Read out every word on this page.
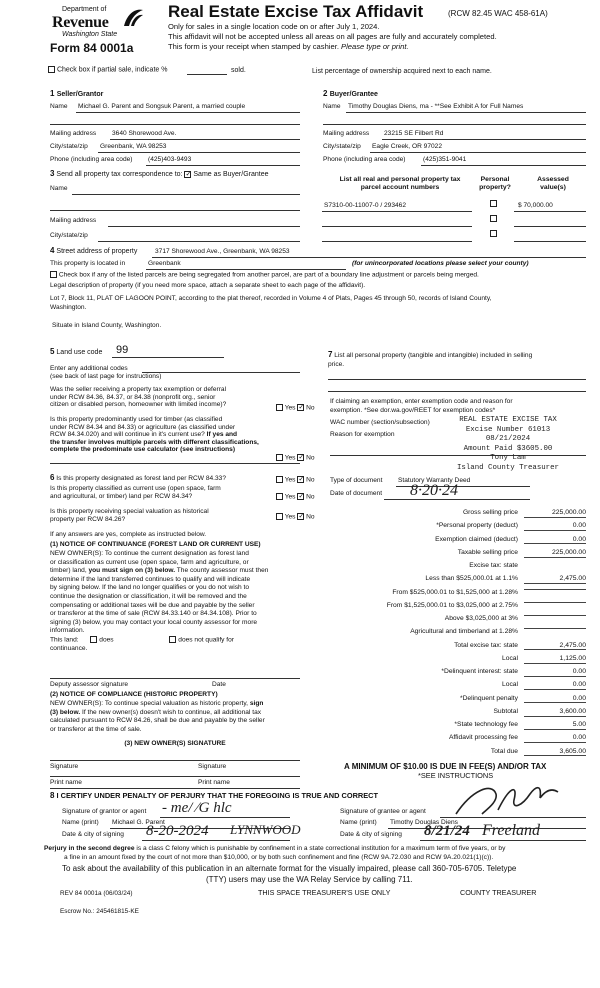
Department of
Revenue
Washington State
Form 84 0001a
Real Estate Excise Tax Affidavit	(RCW 82.45 WAC 458-61A)
Only for sales in a single location code on or after July 1, 2024.
This affidavit will not be accepted unless all areas on all pages are fully and accurately completed.
This form is your receipt when stamped by cashier. Please type or print.
Check box if partial sale, indicate %	sold.	List percentage of ownership acquired next to each name.
1 Seller/Grantor
Name Michael G. Parent and Songsuk Parent, a married couple
Mailing address 3640 Shorewood Ave.
City/state/zip Greenbank, WA 98253
Phone (including area code) (425)403-9493
2 Buyer/Grantee
Name Timothy Douglas Diens, ma - **See Exhibit A for Full Names
Mailing address 23215 SE Filbert Rd
City/state/zip Eagle Creek, OR 97022
Phone (including area code)	(425)351-9041
3 Send all property tax correspondence to: ✓ Same as Buyer/Grantee
Name
Mailing address
City/state/zip
List all real and personal property tax
parcel account numbers
Personal
property?
Assessed
value(s)
S7310-00-11007-0 / 293462	$ 70,000.00
4 Street address of property	3717 Shorewood Ave., Greenbank, WA 98253
This property is located in	Greenbank	(for unincorporated locations please select your county)
Check box if any of the listed parcels are being segregated from another parcel, are part of a boundary line adjustment or parcels being merged.
Legal description of property (if you need more space, attach a separate sheet to each page of the affidavit).
Lot 7, Block 11, PLAT OF LAGOON POINT, according to the plat thereof, recorded in Volume 4 of Plats, Pages 45 through 50, records of Island County,
Washington.
Situate in Island County, Washington.
5 Land use code 99
Enter any additional codes
(see back of last page for instructions)
Was the seller receiving a property tax exemption or deferral
under RCW 84.36, 84.37, or 84.38 (nonprofit org., senior
citizen or disabled person, homeowner with limited income)?	Yes ✓ No
Is this property predominantly used for timber (as classified
under RCW 84.34 and 84.33) or agriculture (as classified under
RCW 84.34.020) and will continue in it's current use? If yes and
the transfer involves multiple parcels with different classifications,
complete the predominate use calculator (see instructions)
Yes ✓ No
6 Is this property designated as forest land per RCW 84.33?	Yes ✓ No
Is this property classified as current use (open space, farm
and agricultural, or timber) land per RCW 84.34?	Yes ✓ No
Is this property receiving special valuation as historical
property per RCW 84.26?	Yes ✓ No
If any answers are yes, complete as instructed below.
(1) NOTICE OF CONTINUANCE (FOREST LAND OR CURRENT USE)
NEW OWNER(S): To continue the current designation as forest land
or classification as current use (open space, farm and agriculture, or
timber) land, you must sign on (3) below. The county assessor must then
determine if the land transferred continues to qualify and will indicate
by signing below. If the land no longer qualifies or you do not wish to
continue the designation or classification, it will be removed and the
compensating or additional taxes will be due and payable by the seller
or transferor at the time of sale (RCW 84.33.140 or 84.34.108). Prior to
signing (3) below, you may contact your local county assessor for more
information.
This land:	does	does not qualify for
continuance.
Deputy assessor signature	Date
(2) NOTICE OF COMPLIANCE (HISTORIC PROPERTY)
NEW OWNER(S): To continue special valuation as historic property, sign
(3) below. If the new owner(s) doesn't wish to continue, all additional tax
calculated pursuant to RCW 84.26, shall be due and payable by the seller
or transferor at the time of sale.
(3) NEW OWNER(S) SIGNATURE
Signature	Signature
Print name	Print name
7 List all personal property (tangible and intangible) included in selling
price.
If claiming an exemption, enter exemption code and reason for
exemption. *See dor.wa.gov/REET for exemption codes*
WAC number (section/subsection)
Reason for exemption
REAL ESTATE EXCISE TAX
Excise Number 61013
08/21/2024
Amount Paid $3605.00
Tony Lam
Island County Treasurer
Type of document Statutory Warranty Deed
Date of document 8·20·24
Gross selling price	225,000.00
*Personal property (deduct)	0.00
Exemption claimed (deduct)	0.00
Taxable selling price	225,000.00
Excise tax: state
Less than $525,000.01 at 1.1%	2,475.00
From $525,000.01 to $1,525,000 at 1.28%
From $1,525,000.01 to $3,025,000 at 2.75%
Above $3,025,000 at 3%
Agricultural and timberland at 1.28%
Total excise tax: state	2,475.00
Local	1,125.00
*Delinquent interest: state	0.00
Local	0.00
*Delinquent penalty	0.00
Subtotal	3,600.00
*State technology fee	5.00
Affidavit processing fee	0.00
Total due	3,605.00
A MINIMUM OF $10.00 IS DUE IN FEE(S) AND/OR TAX
*SEE INSTRUCTIONS
8 I CERTIFY UNDER PENALTY OF PERJURY THAT THE FOREGOING IS TRUE AND CORRECT
Signature of grantor or agent - me/ ⁄G hlc
Name (print) Michael G. Parent
Date & city of signing 8-20-2024 LYNNWOOD
Signature of grantee or agent
Name (print) Timothy Douglas Diens
Date & city of signing 8/21/24 Freeland
Perjury in the second degree is a class C felony which is punishable by confinement in a state correctional institution for a maximum term of five years, or by
a fine in an amount fixed by the court of not more than $10,000, or by both such confinement and fine (RCW 9A.72.030 and RCW 9A.20.021(1)(c)).
To ask about the availability of this publication in an alternate format for the visually impaired, please call 360-705-6705. Teletype
(TTY) users may use the WA Relay Service by calling 711.
REV 84 0001a (06/03/24)	THIS SPACE TREASURER'S USE ONLY	COUNTY TREASURER
Escrow No.: 245461815-KE
